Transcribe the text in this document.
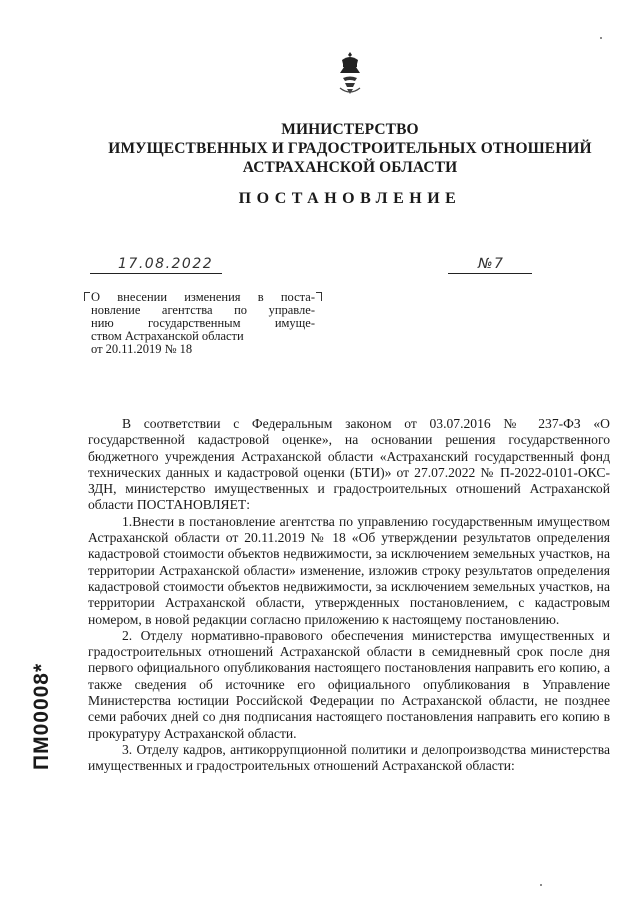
МИНИСТЕРСТВО
ИМУЩЕСТВЕННЫХ И ГРАДОСТРОИТЕЛЬНЫХ ОТНОШЕНИЙ
АСТРАХАНСКОЙ ОБЛАСТИ
ПОСТАНОВЛЕНИЕ
17.08.2022	№7
О внесении изменения в поста-
новление агентства по управле-
нию государственным имуще-
ством Астраханской области
от 20.11.2019 № 18

В соответствии с Федеральным законом от 03.07.2016 № 237-ФЗ «О государственной кадастровой оценке», на основании решения государственного бюджетного учреждения Астраханской области «Астраханский государственный фонд технических данных и кадастровой оценки (БТИ)» от 27.07.2022 № П-2022-0101-ОКС-ЗДН, министерство имущественных и градостроительных отношений Астраханской области ПОСТАНОВЛЯЕТ:

1.Внести в постановление агентства по управлению государственным имуществом Астраханской области от 20.11.2019 № 18 «Об утверждении результатов определения кадастровой стоимости объектов недвижимости, за исключением земельных участков, на территории Астраханской области» изменение, изложив строку результатов определения кадастровой стоимости объектов недвижимости, за исключением земельных участков, на территории Астраханской области, утвержденных постановлением, с кадастровым номером, в новой редакции согласно приложению к настоящему постановлению.

2. Отделу нормативно-правового обеспечения министерства имущественных и градостроительных отношений Астраханской области в семидневный срок после дня первого официального опубликования настоящего постановления направить его копию, а также сведения об источнике его официального опубликования в Управление Министерства юстиции Российской Федерации по Астраханской области, не позднее семи рабочих дней со дня подписания настоящего постановления направить его копию в прокуратуру Астраханской области.

3. Отделу кадров, антикоррупционной политики и делопроизводства министерства имущественных и градостроительных отношений Астраханской области:

ПМ00008*
